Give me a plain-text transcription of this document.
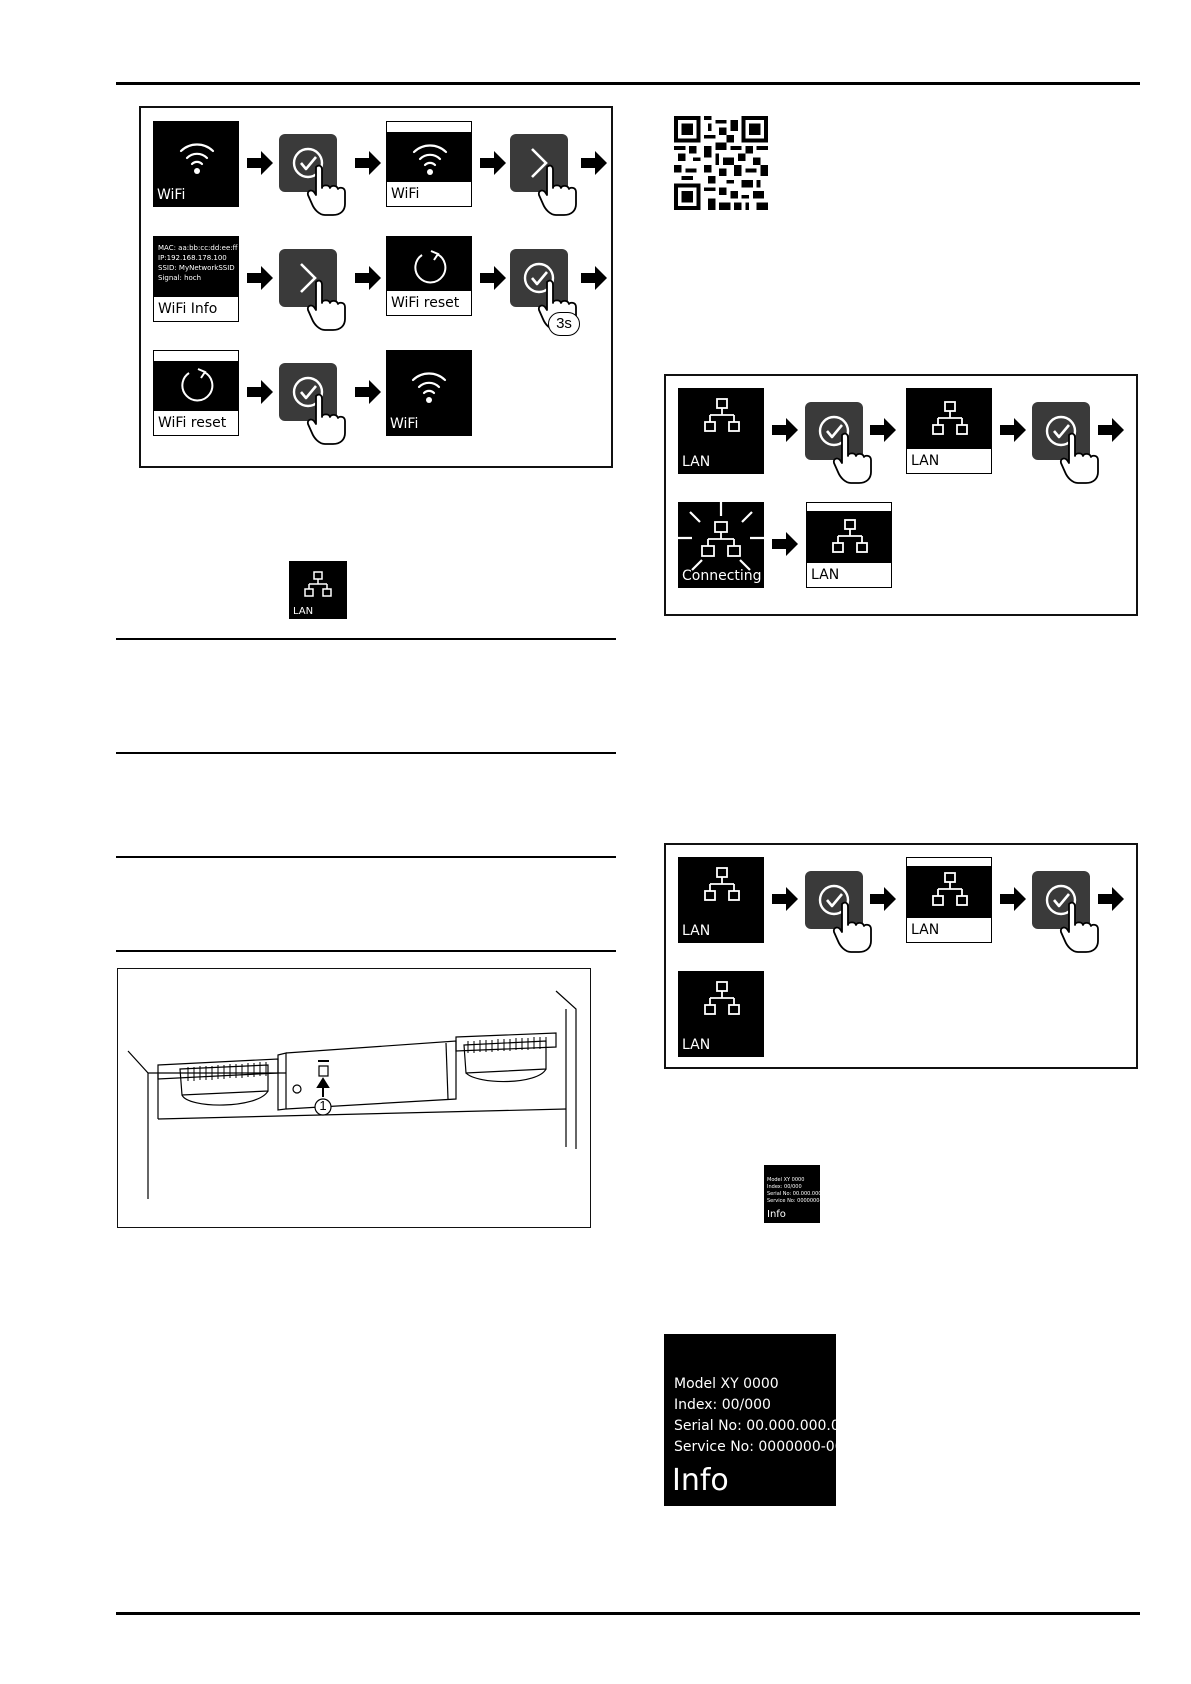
WiFi	WiFi
MAC: aa:bb:cc:dd:ee:ff
IP:192.168.178.100
SSID: MyNetworkSSID
Signal: hoch
WiFi Info	WiFi reset
3s
WiFi reset	WiFi
LAN
1
LAN	LAN
Connecting	LAN
LAN	LAN
LAN
Model XY 0000
Index: 00/000
Serial No: 00.000.000.0
Service No: 0000000-00
Info
Model XY 0000
Index: 00/000
Serial No: 00.000.000.0
Service No: 0000000-00
Info
